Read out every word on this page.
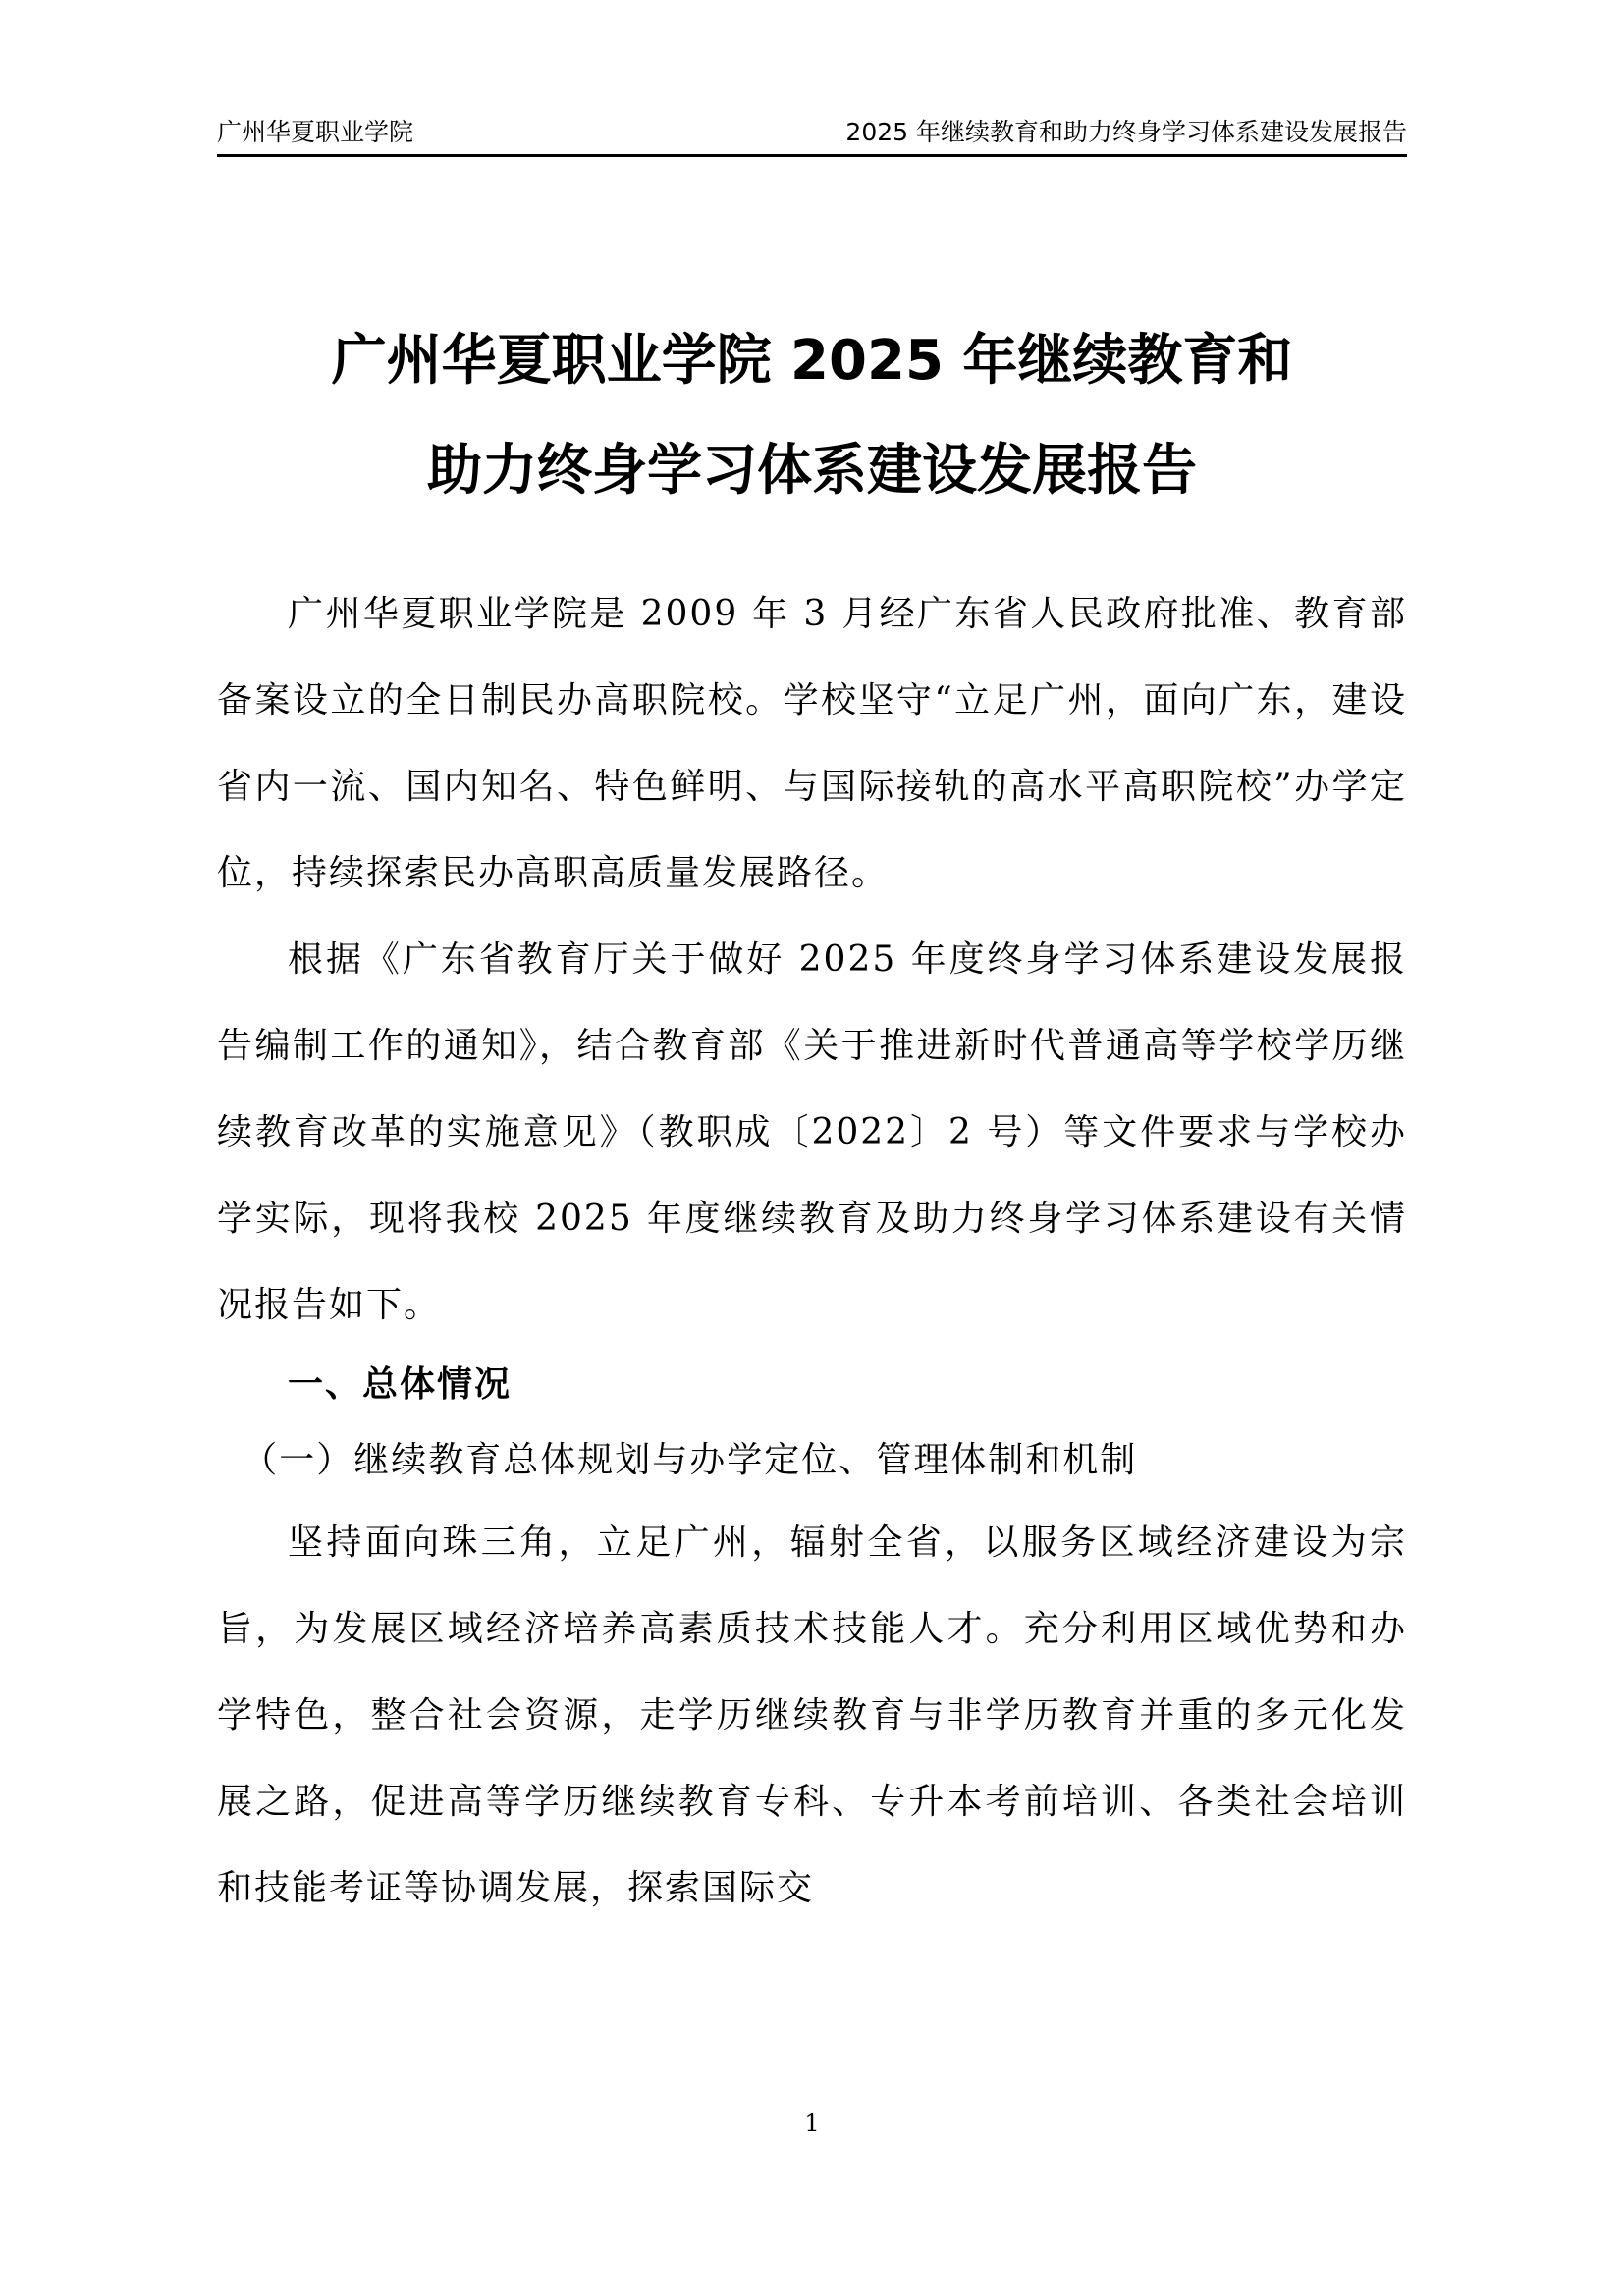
广州华夏职业学院	2025 年继续教育和助力终身学习体系建设发展报告
广州华夏职业学院 2025 年继续教育和
助力终身学习体系建设发展报告

广州华夏职业学院是 2009 年 3 月经广东省人民政府批准、教育部备案设立的全日制民办高职院校。学校坚守“立足广州，面向广东，建设省内一流、国内知名、特色鲜明、与国际接轨的高水平高职院校”办学定位，持续探索民办高职高质量发展路径。

根据《广东省教育厅关于做好 2025 年度终身学习体系建设发展报告编制工作的通知》，结合教育部《关于推进新时代普通高等学校学历继续教育改革的实施意见》（教职成〔2022〕2 号）等文件要求与学校办学实际，现将我校 2025 年度继续教育及助力终身学习体系建设有关情况报告如下。

一、总体情况

（一）继续教育总体规划与办学定位、管理体制和机制

坚持面向珠三角，立足广州，辐射全省，以服务区域经济建设为宗旨，为发展区域经济培养高素质技术技能人才。充分利用区域优势和办学特色，整合社会资源，走学历继续教育与非学历教育并重的多元化发展之路，促进高等学历继续教育专科、专升本考前培训、各类社会培训和技能考证等协调发展，探索国际交

1
